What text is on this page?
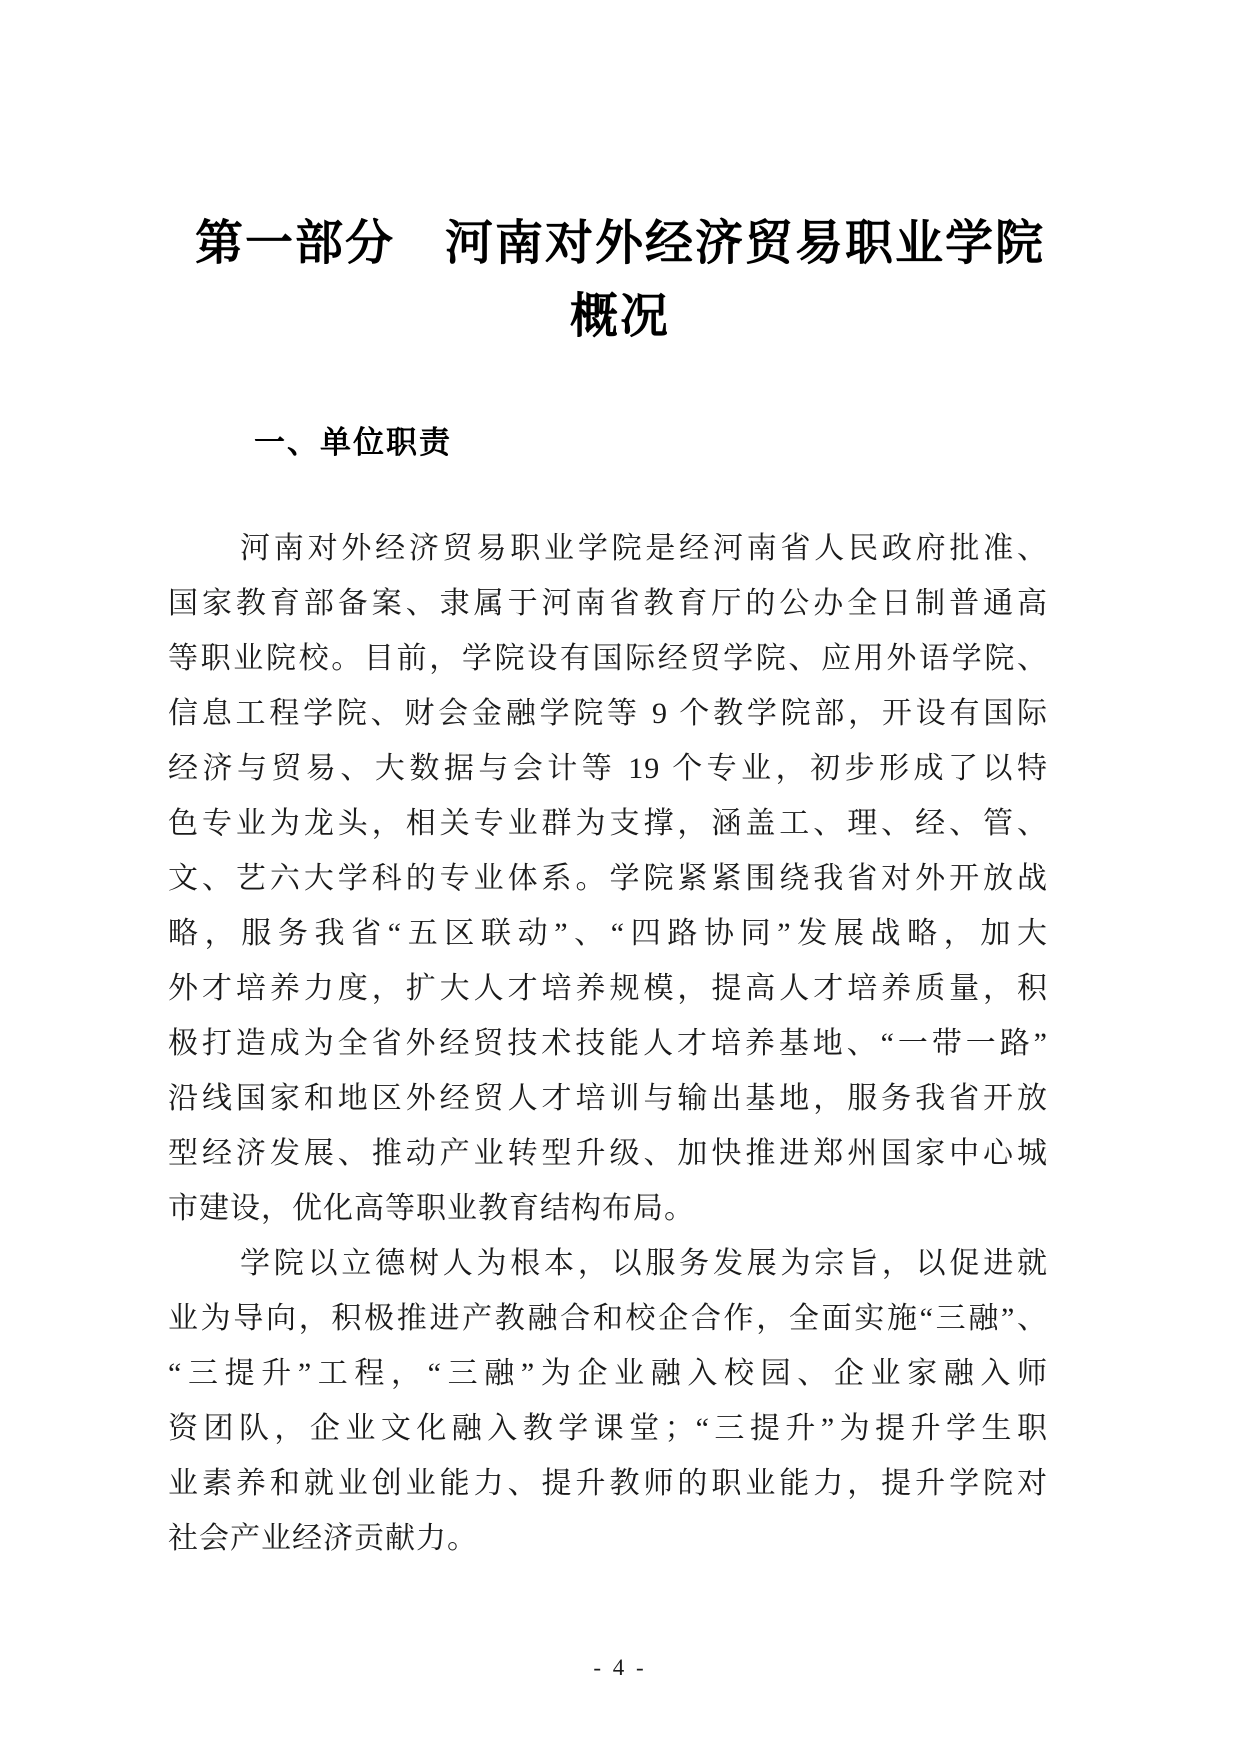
第一部分　河南对外经济贸易职业学院
概况
一、单位职责
河南对外经济贸易职业学院是经河南省人民政府批准、
国家教育部备案、隶属于河南省教育厅的公办全日制普通高
等职业院校。目前，学院设有国际经贸学院、应用外语学院、
信息工程学院、财会金融学院等 9 个教学院部，开设有国际
经济与贸易、大数据与会计等 19 个专业，初步形成了以特
色专业为龙头，相关专业群为支撑，涵盖工、理、经、管、
文、艺六大学科的专业体系。学院紧紧围绕我省对外开放战
略，服务我省“五区联动”、“四路协同”发展战略，加大
外才培养力度，扩大人才培养规模，提高人才培养质量，积
极打造成为全省外经贸技术技能人才培养基地、“一带一路”
沿线国家和地区外经贸人才培训与输出基地，服务我省开放
型经济发展、推动产业转型升级、加快推进郑州国家中心城
市建设，优化高等职业教育结构布局。
学院以立德树人为根本，以服务发展为宗旨，以促进就
业为导向，积极推进产教融合和校企合作，全面实施“三融”、
“三提升”工程，“三融”为企业融入校园、企业家融入师
资团队，企业文化融入教学课堂；“三提升”为提升学生职
业素养和就业创业能力、提升教师的职业能力，提升学院对
社会产业经济贡献力。
- 4 -
